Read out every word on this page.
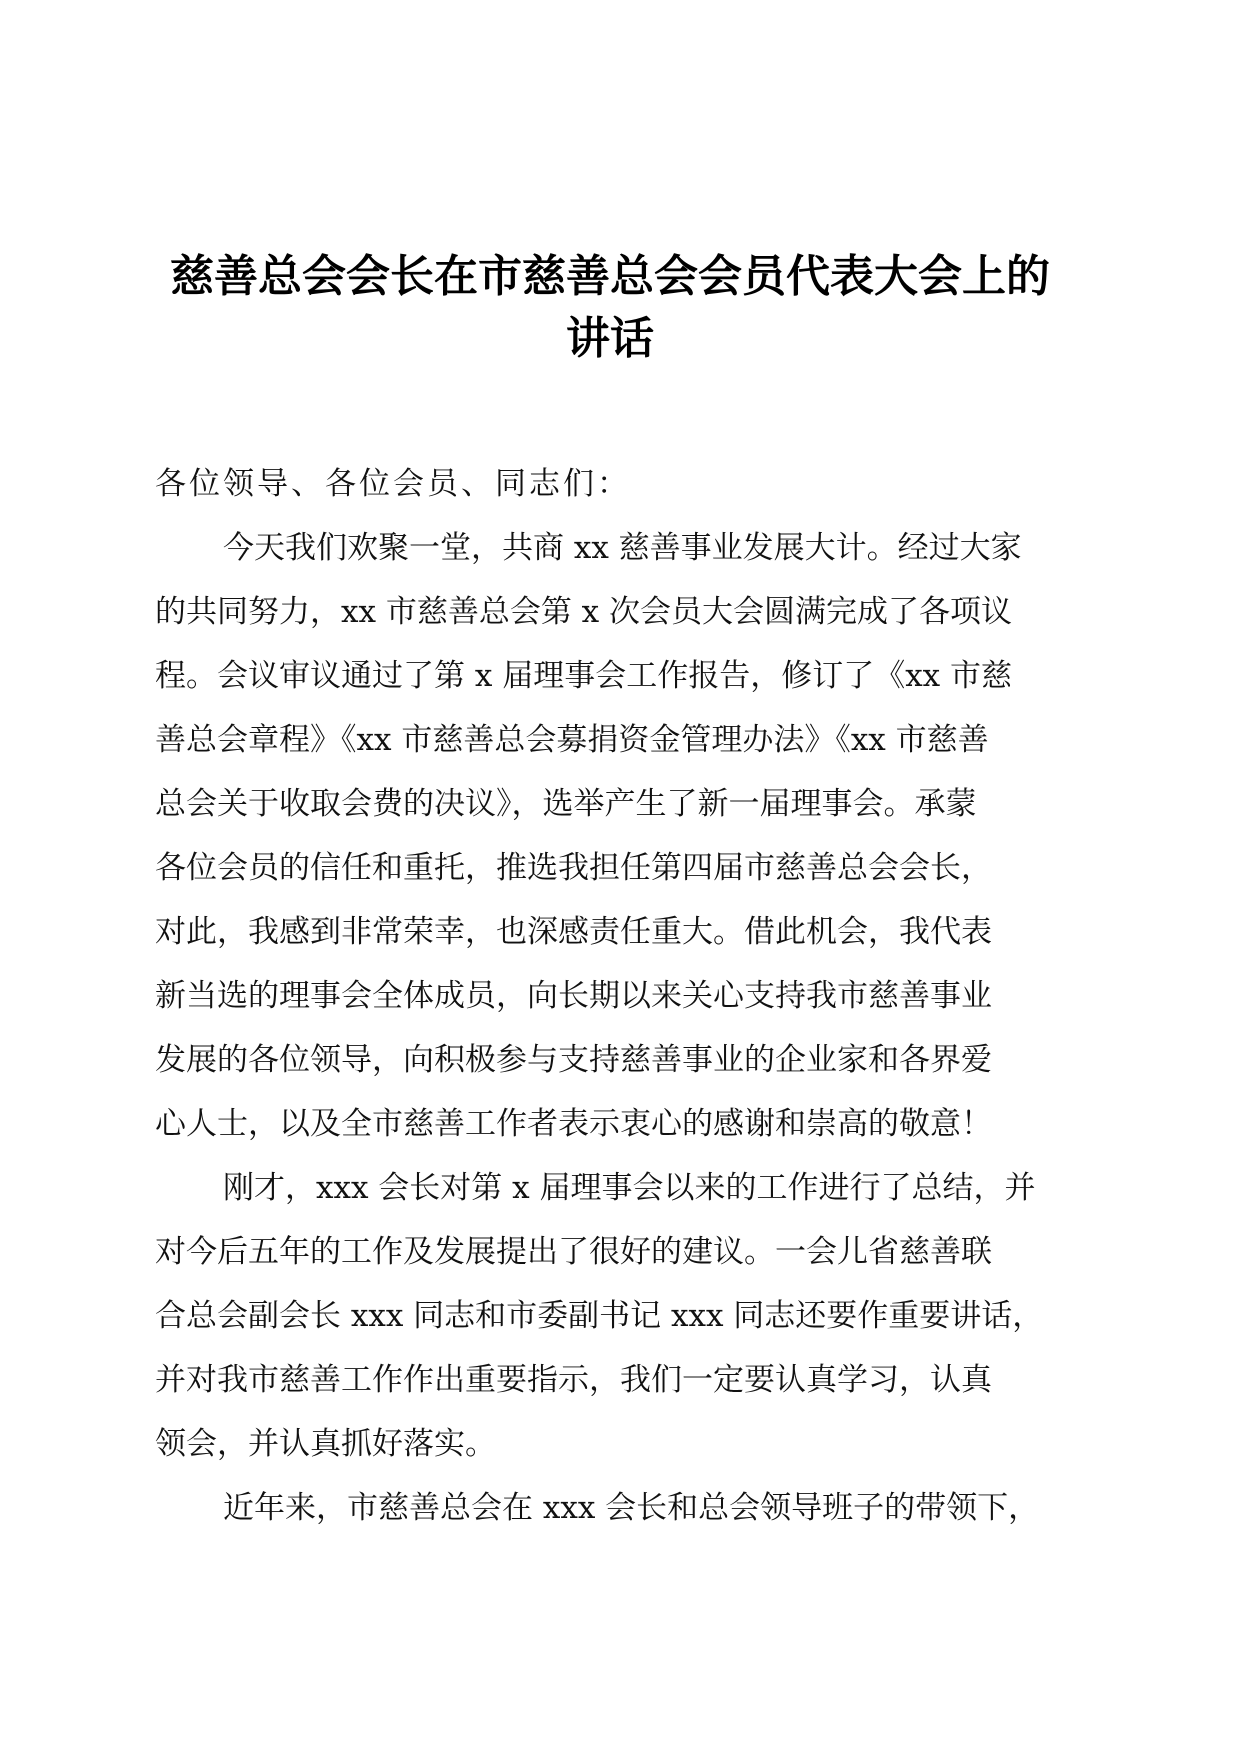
慈善总会会长在市慈善总会会员代表大会上的
讲话
各位领导、各位会员、同志们：
今天我们欢聚一堂，共商 xx 慈善事业发展大计。经过大家
的共同努力，xx 市慈善总会第 x 次会员大会圆满完成了各项议
程。会议审议通过了第 x 届理事会工作报告，修订了《xx 市慈
善总会章程》《xx 市慈善总会募捐资金管理办法》《xx 市慈善
总会关于收取会费的决议》，选举产生了新一届理事会。承蒙
各位会员的信任和重托，推选我担任第四届市慈善总会会长，
对此，我感到非常荣幸，也深感责任重大。借此机会，我代表
新当选的理事会全体成员，向长期以来关心支持我市慈善事业
发展的各位领导，向积极参与支持慈善事业的企业家和各界爱
心人士，以及全市慈善工作者表示衷心的感谢和崇高的敬意！
刚才，xxx 会长对第 x 届理事会以来的工作进行了总结，并
对今后五年的工作及发展提出了很好的建议。一会儿省慈善联
合总会副会长 xxx 同志和市委副书记 xxx 同志还要作重要讲话，
并对我市慈善工作作出重要指示，我们一定要认真学习，认真
领会，并认真抓好落实。
近年来，市慈善总会在 xxx 会长和总会领导班子的带领下，
